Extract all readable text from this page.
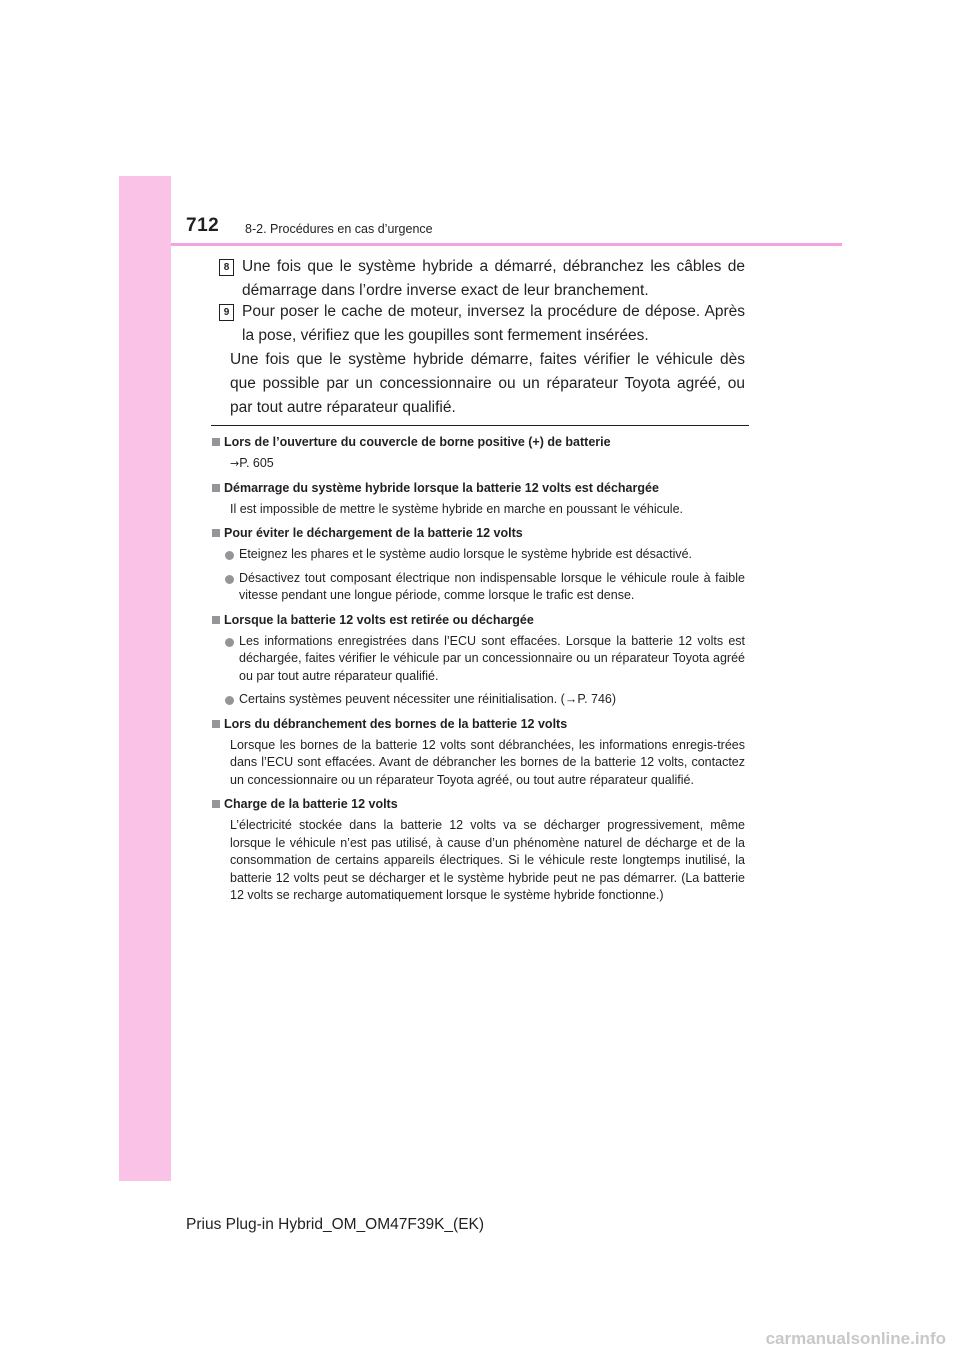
712 8-2. Procédures en cas d’urgence
8 Une fois que le système hybride a démarré, débranchez les câbles de démarrage dans l’ordre inverse exact de leur branchement.
9 Pour poser le cache de moteur, inversez la procédure de dépose. Après la pose, vérifiez que les goupilles sont fermement insérées.
Une fois que le système hybride démarre, faites vérifier le véhicule dès que possible par un concessionnaire ou un réparateur Toyota agréé, ou par tout autre réparateur qualifié.
Lors de l’ouverture du couvercle de borne positive (+) de batterie
→P. 605
Démarrage du système hybride lorsque la batterie 12 volts est déchargée
Il est impossible de mettre le système hybride en marche en poussant le véhicule.
Pour éviter le déchargement de la batterie 12 volts
Eteignez les phares et le système audio lorsque le système hybride est désactivé.
Désactivez tout composant électrique non indispensable lorsque le véhicule roule à faible vitesse pendant une longue période, comme lorsque le trafic est dense.
Lorsque la batterie 12 volts est retirée ou déchargée
Les informations enregistrées dans l’ECU sont effacées. Lorsque la batterie 12 volts est déchargée, faites vérifier le véhicule par un concessionnaire ou un réparateur Toyota agréé ou par tout autre réparateur qualifié.
Certains systèmes peuvent nécessiter une réinitialisation. (→P. 746)
Lors du débranchement des bornes de la batterie 12 volts
Lorsque les bornes de la batterie 12 volts sont débranchées, les informations enregis-trées dans l’ECU sont effacées. Avant de débrancher les bornes de la batterie 12 volts, contactez un concessionnaire ou un réparateur Toyota agréé, ou tout autre réparateur qualifié.
Charge de la batterie 12 volts
L’électricité stockée dans la batterie 12 volts va se décharger progressivement, même lorsque le véhicule n’est pas utilisé, à cause d’un phénomène naturel de décharge et de la consommation de certains appareils électriques. Si le véhicule reste longtemps inutilisé, la batterie 12 volts peut se décharger et le système hybride peut ne pas démarrer. (La batterie 12 volts se recharge automatiquement lorsque le système hybride fonctionne.)
Prius Plug-in Hybrid_OM_OM47F39K_(EK)
carmanualsonline.info
